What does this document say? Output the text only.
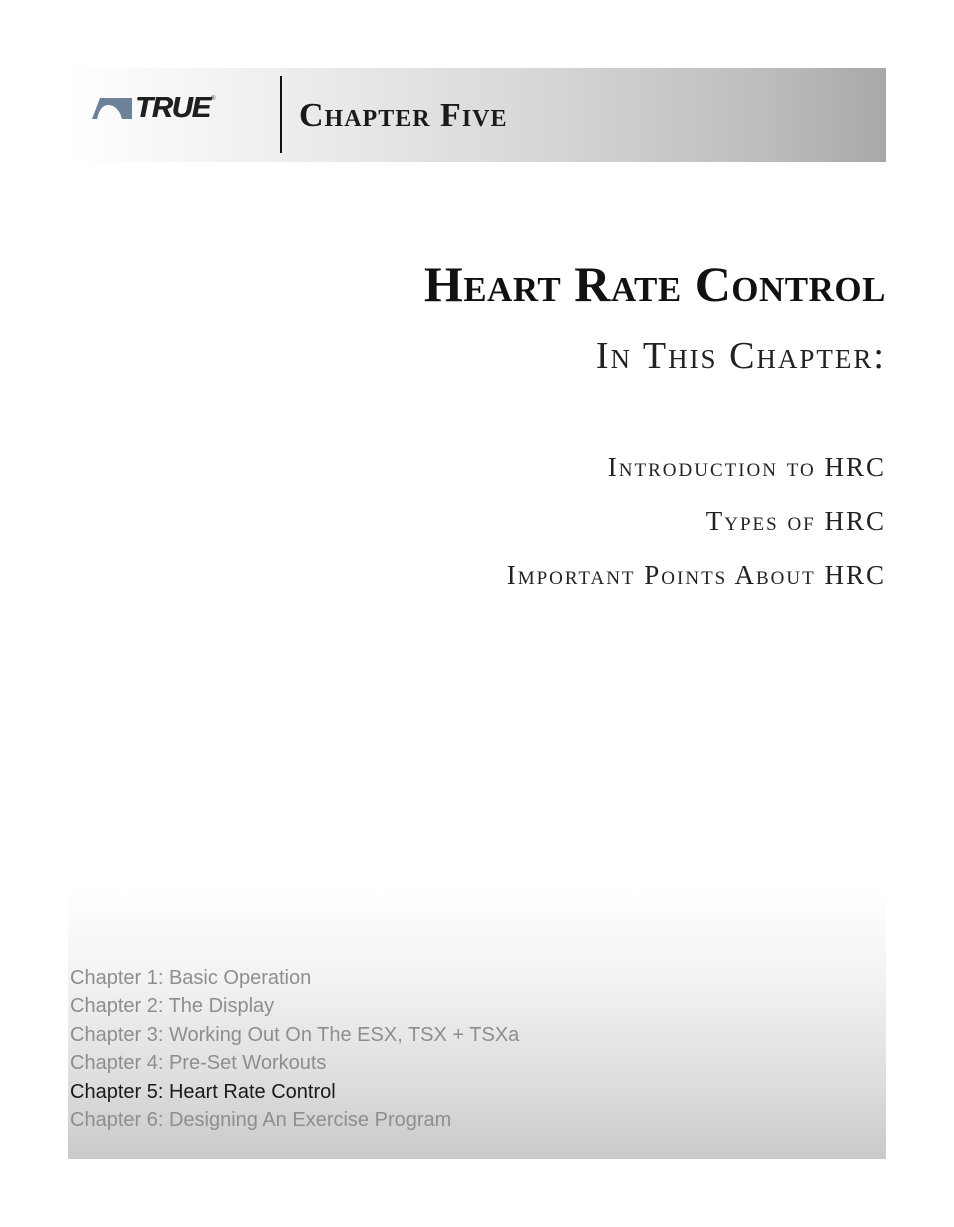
TRUE ® Chapter Five
Heart Rate Control
In This Chapter:
Introduction to HRC
Types of HRC
Important Points About HRC
Chapter 1: Basic Operation
Chapter 2: The Display
Chapter 3: Working Out On The ESX, TSX + TSXa
Chapter 4: Pre-Set Workouts
Chapter 5: Heart Rate Control
Chapter 6: Designing An Exercise Program
